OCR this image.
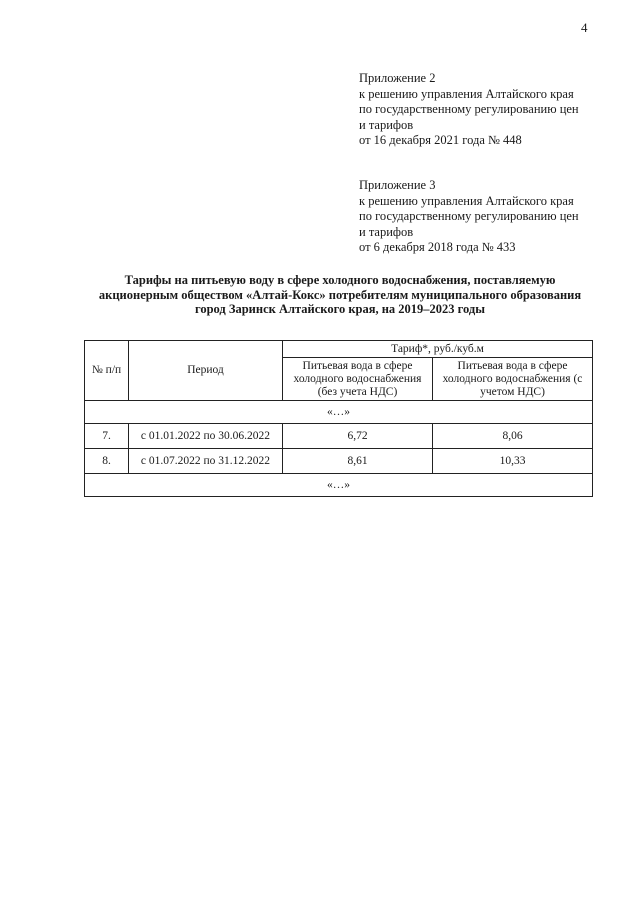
4
Приложение 2
к решению управления Алтайского края
по государственному регулированию цен
и тарифов
от 16 декабря 2021 года № 448
Приложение 3
к решению управления Алтайского края
по государственному регулированию цен
и тарифов
от 6 декабря 2018 года № 433
Тарифы на питьевую воду в сфере холодного водоснабжения, поставляемую
акционерным обществом «Алтай-Кокс» потребителям муниципального образования
город Заринск Алтайского края, на 2019–2023 годы
№ п/п	Период	Тариф*, руб./куб.м	
		Питьевая вода в сфере холодного водоснабжения (без учета НДС)	Питьевая вода в сфере холодного водоснабжения (с учетом НДС)
«…»			
7.	с 01.01.2022 по 30.06.2022	6,72	8,06
8.	с 01.07.2022 по 31.12.2022	8,61	10,33
«…»			
